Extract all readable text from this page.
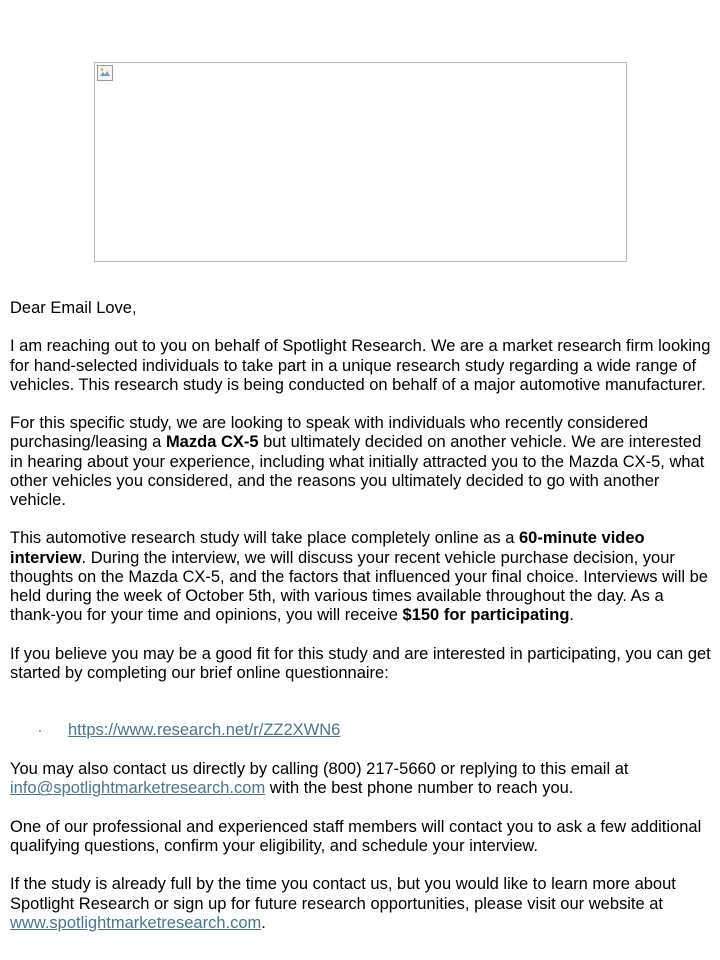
Dear Email Love,

I am reaching out to you on behalf of Spotlight Research. We are a market research firm looking for hand-selected individuals to take part in a unique research study regarding a wide range of vehicles. This research study is being conducted on behalf of a major automotive manufacturer.

For this specific study, we are looking to speak with individuals who recently considered purchasing/leasing a Mazda CX-5 but ultimately decided on another vehicle. We are interested in hearing about your experience, including what initially attracted you to the Mazda CX-5, what other vehicles you considered, and the reasons you ultimately decided to go with another vehicle.

This automotive research study will take place completely online as a 60-minute video interview. During the interview, we will discuss your recent vehicle purchase decision, your thoughts on the Mazda CX-5, and the factors that influenced your final choice. Interviews will be held during the week of October 5th, with various times available throughout the day. As a thank-you for your time and opinions, you will receive $150 for participating.

If you believe you may be a good fit for this study and are interested in participating, you can get started by completing our brief online questionnaire:

· https://www.research.net/r/ZZ2XWN6

You may also contact us directly by calling (800) 217-5660 or replying to this email at info@spotlightmarketresearch.com with the best phone number to reach you.

One of our professional and experienced staff members will contact you to ask a few additional qualifying questions, confirm your eligibility, and schedule your interview.

If the study is already full by the time you contact us, but you would like to learn more about Spotlight Research or sign up for future research opportunities, please visit our website at www.spotlightmarketresearch.com.
